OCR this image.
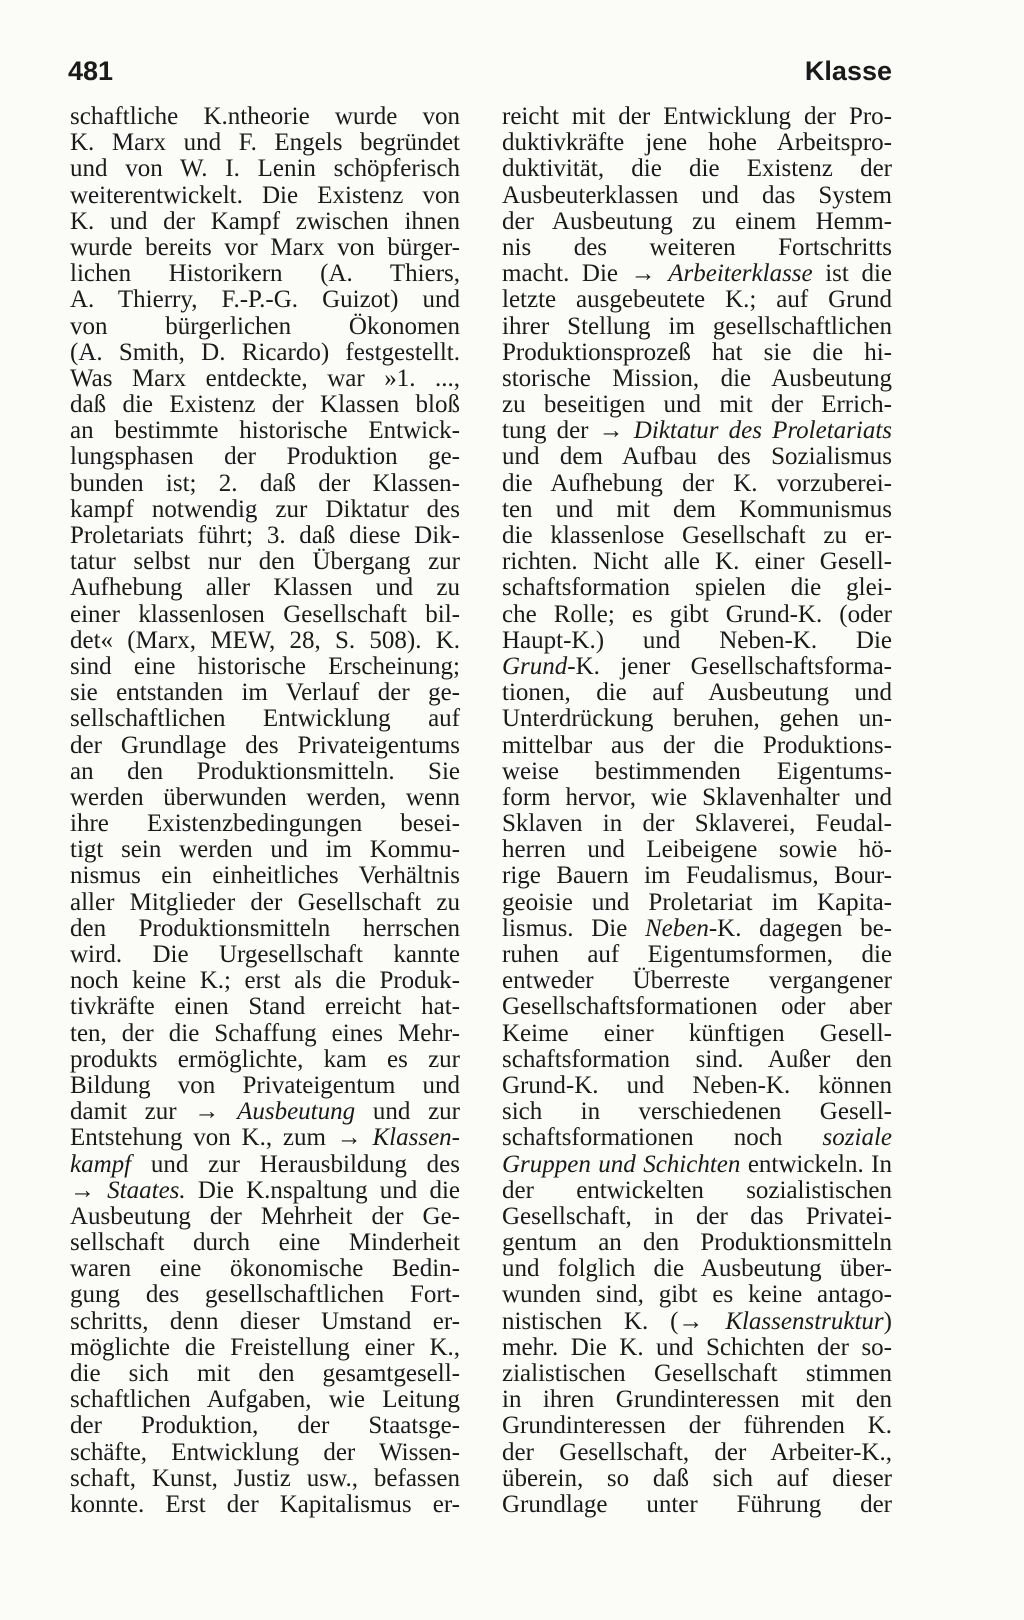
481	Klasse
schaftliche K.ntheorie wurde von
K. Marx und F. Engels begründet
und von W. I. Lenin schöpferisch
weiterentwickelt. Die Existenz von
K. und der Kampf zwischen ihnen
wurde bereits vor Marx von bürger-
lichen Historikern (A. Thiers,
A. Thierry, F.-P.-G. Guizot) und
von bürgerlichen Ökonomen
(A. Smith, D. Ricardo) festgestellt.
Was Marx entdeckte, war »1. ...,
daß die Existenz der Klassen bloß
an bestimmte historische Entwick-
lungsphasen der Produktion ge-
bunden ist; 2. daß der Klassen-
kampf notwendig zur Diktatur des
Proletariats führt; 3. daß diese Dik-
tatur selbst nur den Übergang zur
Aufhebung aller Klassen und zu
einer klassenlosen Gesellschaft bil-
det« (Marx, MEW, 28, S. 508). K.
sind eine historische Erscheinung;
sie entstanden im Verlauf der ge-
sellschaftlichen Entwicklung auf
der Grundlage des Privateigentums
an den Produktionsmitteln. Sie
werden überwunden werden, wenn
ihre Existenzbedingungen besei-
tigt sein werden und im Kommu-
nismus ein einheitliches Verhältnis
aller Mitglieder der Gesellschaft zu
den Produktionsmitteln herrschen
wird. Die Urgesellschaft kannte
noch keine K.; erst als die Produk-
tivkräfte einen Stand erreicht hat-
ten, der die Schaffung eines Mehr-
produkts ermöglichte, kam es zur
Bildung von Privateigentum und
damit zur → Ausbeutung und zur
Entstehung von K., zum → Klassen-
kampf und zur Herausbildung des
→ Staates. Die K.nspaltung und die
Ausbeutung der Mehrheit der Ge-
sellschaft durch eine Minderheit
waren eine ökonomische Bedin-
gung des gesellschaftlichen Fort-
schritts, denn dieser Umstand er-
möglichte die Freistellung einer K.,
die sich mit den gesamtgesell-
schaftlichen Aufgaben, wie Leitung
der Produktion, der Staatsge-
schäfte, Entwicklung der Wissen-
schaft, Kunst, Justiz usw., befassen
konnte. Erst der Kapitalismus er-
reicht mit der Entwicklung der Pro-
duktivkräfte jene hohe Arbeitspro-
duktivität, die die Existenz der
Ausbeuterklassen und das System
der Ausbeutung zu einem Hemm-
nis des weiteren Fortschritts
macht. Die → Arbeiterklasse ist die
letzte ausgebeutete K.; auf Grund
ihrer Stellung im gesellschaftlichen
Produktionsprozeß hat sie die hi-
storische Mission, die Ausbeutung
zu beseitigen und mit der Errich-
tung der → Diktatur des Proletariats
und dem Aufbau des Sozialismus
die Aufhebung der K. vorzuberei-
ten und mit dem Kommunismus
die klassenlose Gesellschaft zu er-
richten. Nicht alle K. einer Gesell-
schaftsformation spielen die glei-
che Rolle; es gibt Grund-K. (oder
Haupt-K.) und Neben-K. Die
Grund-K. jener Gesellschaftsforma-
tionen, die auf Ausbeutung und
Unterdrückung beruhen, gehen un-
mittelbar aus der die Produktions-
weise bestimmenden Eigentums-
form hervor, wie Sklavenhalter und
Sklaven in der Sklaverei, Feudal-
herren und Leibeigene sowie hö-
rige Bauern im Feudalismus, Bour-
geoisie und Proletariat im Kapita-
lismus. Die Neben-K. dagegen be-
ruhen auf Eigentumsformen, die
entweder Überreste vergangener
Gesellschaftsformationen oder aber
Keime einer künftigen Gesell-
schaftsformation sind. Außer den
Grund-K. und Neben-K. können
sich in verschiedenen Gesell-
schaftsformationen noch soziale
Gruppen und Schichten entwickeln. In
der entwickelten sozialistischen
Gesellschaft, in der das Privatei-
gentum an den Produktionsmitteln
und folglich die Ausbeutung über-
wunden sind, gibt es keine antago-
nistischen K. (→ Klassenstruktur)
mehr. Die K. und Schichten der so-
zialistischen Gesellschaft stimmen
in ihren Grundinteressen mit den
Grundinteressen der führenden K.
der Gesellschaft, der Arbeiter-K.,
überein, so daß sich auf dieser
Grundlage unter Führung der
